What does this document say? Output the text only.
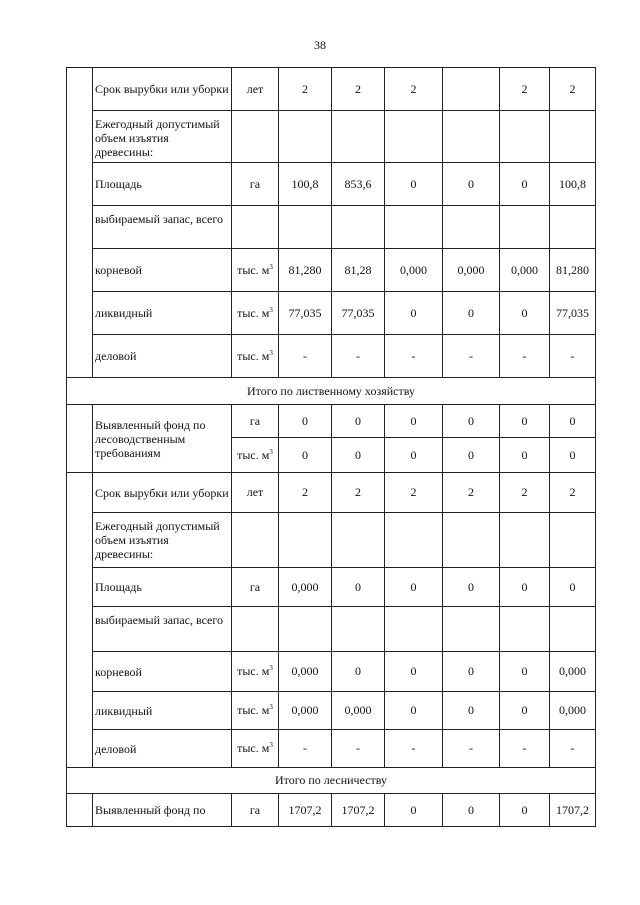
38
	Срок вырубки или уборки	лет	2	2	2		2	2
	Ежегодный допустимый объем изъятия древесины:							
	Площадь	га	100,8	853,6	0	0	0	100,8
	выбираемый запас, всего							
	корневой	тыс. $м^3$	81,280	81,28	0,000	0,000	0,000	81,280
	ликвидный	тыс. $м^3$	77,035	77,035	0	0	0	77,035
	деловой	тыс. $м^3$	-	-	-	-	-	-
Итого по лиственному хозяйству								
	Выявленный фонд по лесоводственным требованиям	га	0	0	0	0	0	0
		тыс. $м^3$	0	0	0	0	0	0
	Срок вырубки или уборки	лет	2	2	2	2	2	2
	Ежегодный допустимый объем изъятия древесины:							
	Площадь	га	0,000	0	0	0	0	0
	выбираемый запас, всего							
	корневой	тыс. $м^3$	0,000	0	0	0	0	0,000
	ликвидный	тыс. $м^3$	0,000	0,000	0	0	0	0,000
	деловой	тыс. $м^3$	-	-	-	-	-	-
Итого по лесничеству								
	Выявленный фонд по	га	1707,2	1707,2	0	0	0	1707,2
